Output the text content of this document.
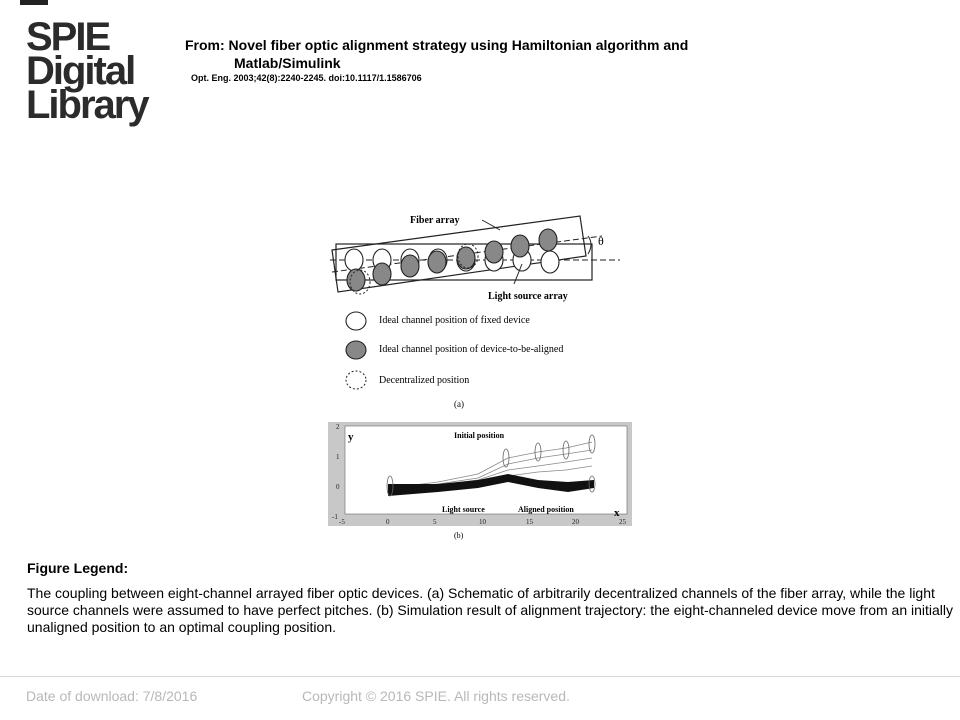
SPIE
Digital
Library
From: Novel fiber optic alignment strategy using Hamiltonian algorithm and
Matlab/Simulink
Opt. Eng. 2003;42(8):2240-2245. doi:10.1117/1.1586706
Fiber array
θ
Light source array
Ideal channel position of fixed device
Ideal channel position of device-to-be-aligned
Decentralized position
(a)
2
1
0
-1
-5	0	5	10	15	20	25
y
x
Initial position
Light source	Aligned position
(b)
Figure Legend:
The coupling between eight-channel arrayed fiber optic devices. (a) Schematic of arbitrarily decentralized channels of the fiber array, while the light source channels were assumed to have perfect pitches. (b) Simulation result of alignment trajectory: the eight-channeled device move from an initially unaligned position to an optimal coupling position.
Date of download: 7/8/2016	Copyright © 2016 SPIE. All rights reserved.
